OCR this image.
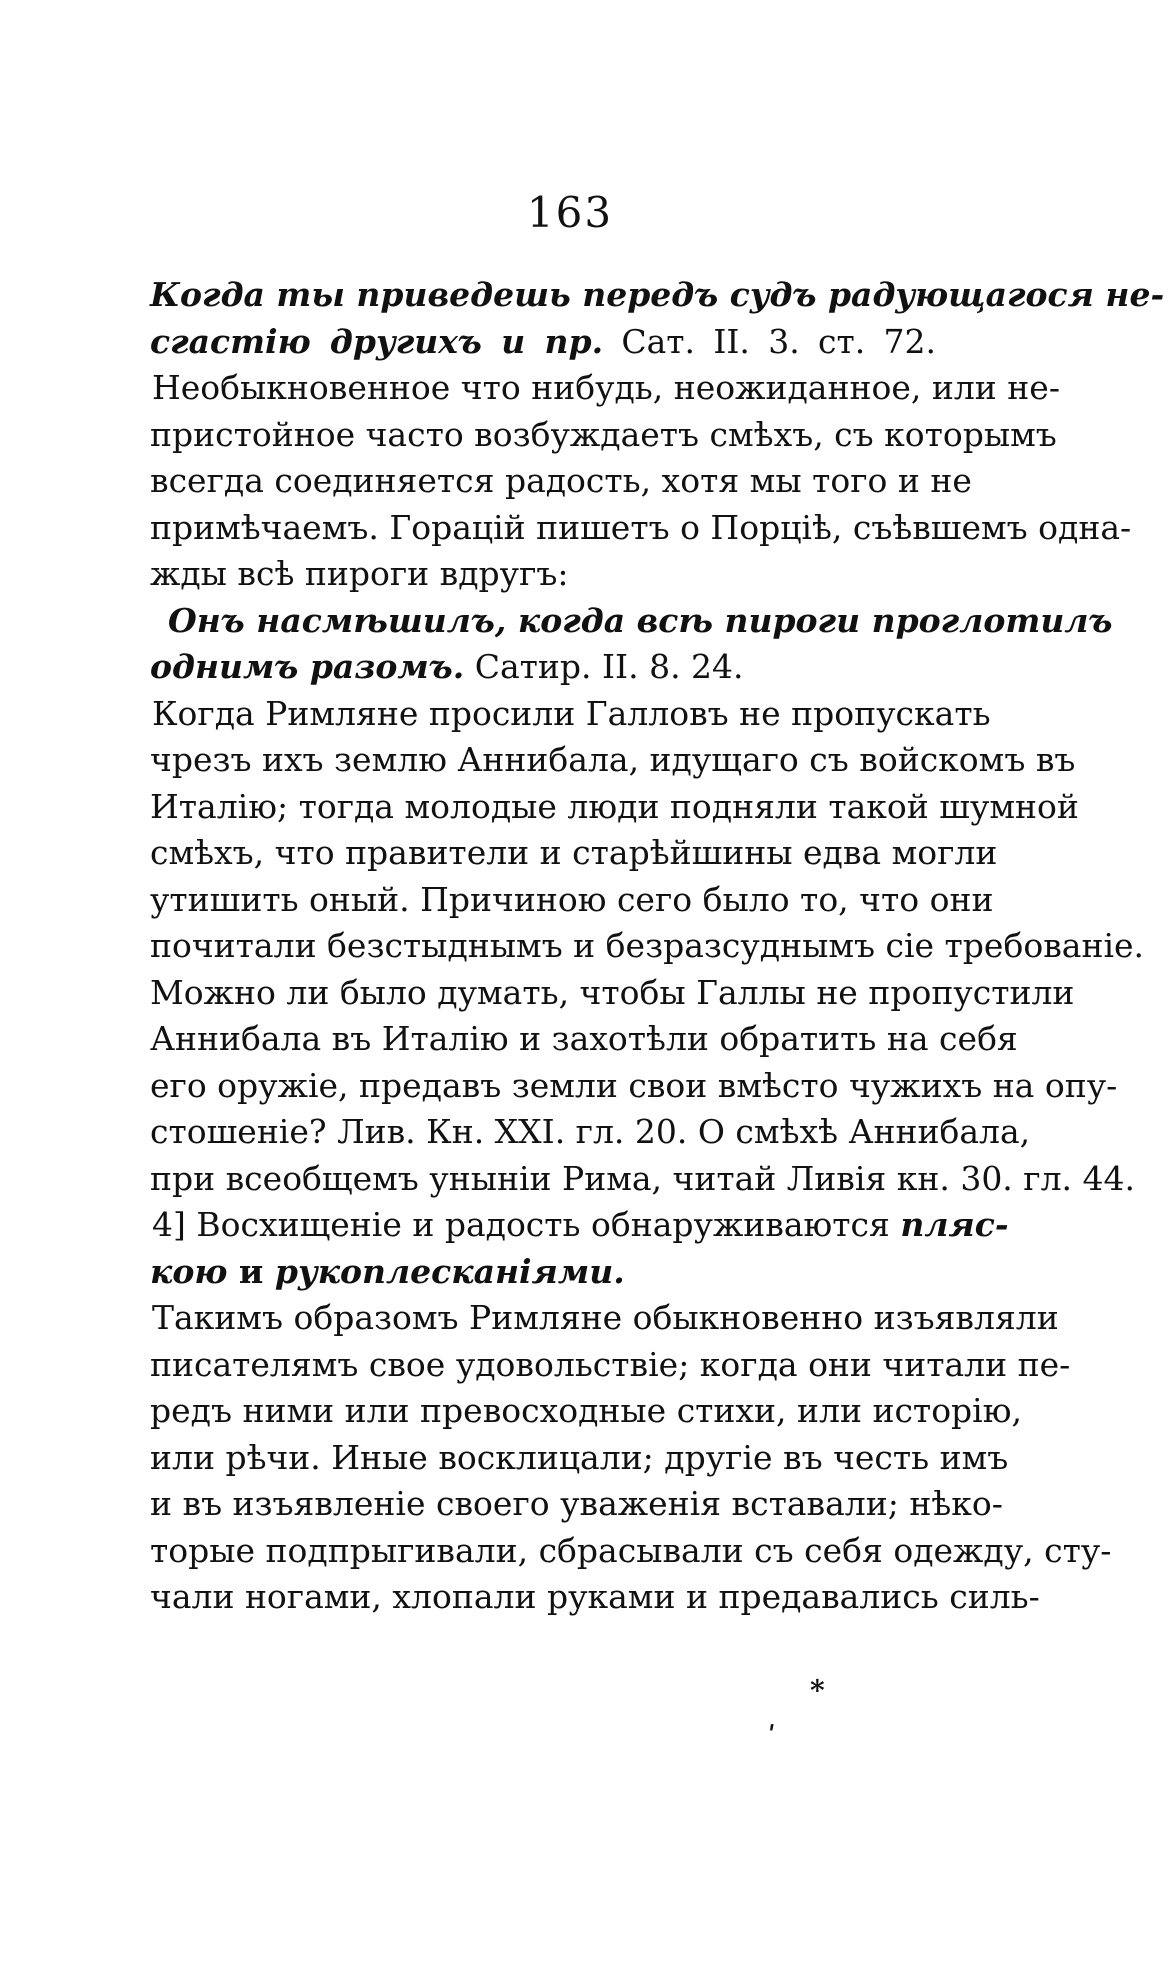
163
Когда ты приведешь передъ судъ радующагося не-
сгастію другихъ и пр. Сат. II. 3. ст. 72.
Необыкновенное что нибудь, неожиданное, или не-
пристойное часто возбуждаетъ смѣхъ, съ которымъ
всегда соединяется радость, хотя мы того и не
примѣчаемъ. Горацій пишетъ о Порціѣ, съѣвшемъ одна-
жды всѣ пироги вдругъ:
Онъ насмѣшилъ, когда всѣ пироги проглотилъ
однимъ разомъ. Сатир. II. 8. 24.
Когда Римляне просили Галловъ не пропускать
чрезъ ихъ землю Аннибала, идущаго съ войскомъ въ
Италію; тогда молодые люди подняли такой шумной
смѣхъ, что правители и старѣйшины едва могли
утишить оный. Причиною сего было то, что они
почитали безстыднымъ и безразсуднымъ сіе требованіе.
Можно ли было думать, чтобы Галлы не пропустили
Аннибала въ Италію и захотѣли обратить на себя
его оружіе, предавъ земли свои вмѣсто чужихъ на опу-
стошеніе? Лив. Кн. XXI. гл. 20. О смѣхѣ Аннибала,
при всеобщемъ уныніи Рима, читай Ливія кн. 30. гл. 44.
4] Восхищеніе и радость обнаруживаются пляс-
кою и рукоплесканіями.
Такимъ образомъ Римляне обыкновенно изъявляли
писателямъ свое удовольствіе; когда они читали пе-
редъ ними или превосходные стихи, или исторію,
или рѣчи. Иные восклицали; другіе въ честь имъ
и въ изъявленіе своего уваженія вставали; нѣко-
торые подпрыгивали, сбрасывали съ себя одежду, сту-
чали ногами, хлопали руками и предавались силь-
*
ʹ
